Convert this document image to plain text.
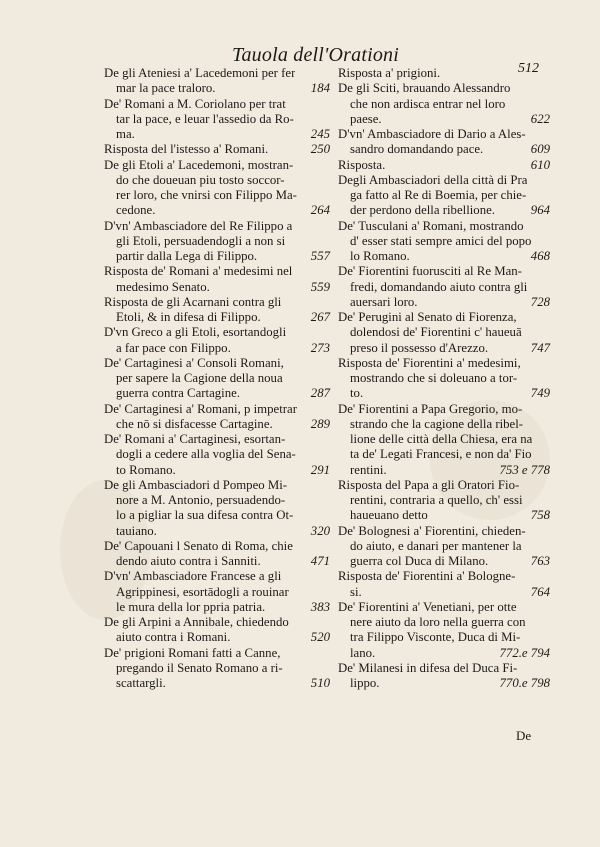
Tauola dell'Orationi
512
De gli Ateniesi a' Lacedemoni per fer
mar la pace traloro.	184
De' Romani a M. Coriolano per trat
tar la pace, e leuar l'assedio da Ro-
ma.	245
Risposta del l'istesso a' Romani.	250
De gli Etoli a' Lacedemoni, mostran-
do che doueuan piu tosto soccor-
rer loro, che vnirsi con Filippo Ma-
cedone.	264
D'vn' Ambasciadore del Re Filippo a
gli Etoli, persuadendogli a non si
partir dalla Lega di Filippo.	557
Risposta de' Romani a' medesimi nel
medesimo Senato.	559
Risposta de gli Acarnani contra gli
Etoli, & in difesa di Filippo.	267
D'vn Greco a gli Etoli, esortandogli
a far pace con Filippo.	273
De' Cartaginesi a' Consoli Romani,
per sapere la Cagione della noua
guerra contra Cartagine.	287
De' Cartaginesi a' Romani, p impetrar
che nō si disfacesse Cartagine.	289
De' Romani a' Cartaginesi, esortan-
dogli a cedere alla voglia del Sena-
to Romano.	291
De gli Ambasciadori d Pompeo Mi-
nore a M. Antonio, persuadendo-
lo a pigliar la sua difesa contra Ot-
tauiano.	320
De' Capouani l Senato di Roma, chie
dendo aiuto contra i Sanniti.	471
D'vn' Ambasciadore Francese a gli
Agrippinesi, esortādogli a rouinar
le mura della lor ppria patria.	383
De gli Arpini a Annibale, chiedendo
aiuto contra i Romani.	520
De' prigioni Romani fatti a Canne,
pregando il Senato Romano a ri-
scattargli.	510
Risposta a' prigioni.
De gli Sciti, brauando Alessandro
che non ardisca entrar nel loro
paese.	622
D'vn' Ambasciadore di Dario a Ales-
sandro domandando pace.	609
Risposta.	610
Degli Ambasciadori della città di Pra
ga fatto al Re di Boemia, per chie-
der perdono della ribellione.	964
De' Tusculani a' Romani, mostrando
d' esser stati sempre amici del popo
lo Romano.	468
De' Fiorentini fuorusciti al Re Man-
fredi, domandando aiuto contra gli
auersari loro.	728
De' Perugini al Senato di Fiorenza,
dolendosi de' Fiorentini c' haueuā
preso il possesso d'Arezzo.	747
Risposta de' Fiorentini a' medesimi,
mostrando che si doleuano a tor-
to.	749
De' Fiorentini a Papa Gregorio, mo-
strando che la cagione della ribel-
lione delle città della Chiesa, era na
ta de' Legati Francesi, e non da' Fio
rentini.	753 e 778
Risposta del Papa a gli Oratori Fio-
rentini, contraria a quello, ch' essi
haueuano detto	758
De' Bolognesi a' Fiorentini, chieden-
do aiuto, e danari per mantener la
guerra col Duca di Milano.	763
Risposta de' Fiorentini a' Bologne-
si.	764
De' Fiorentini a' Venetiani, per otte
nere aiuto da loro nella guerra con
tra Filippo Visconte, Duca di Mi-
lano.	772.e 794
De' Milanesi in difesa del Duca Fi-
lippo.	770.e 798
De
